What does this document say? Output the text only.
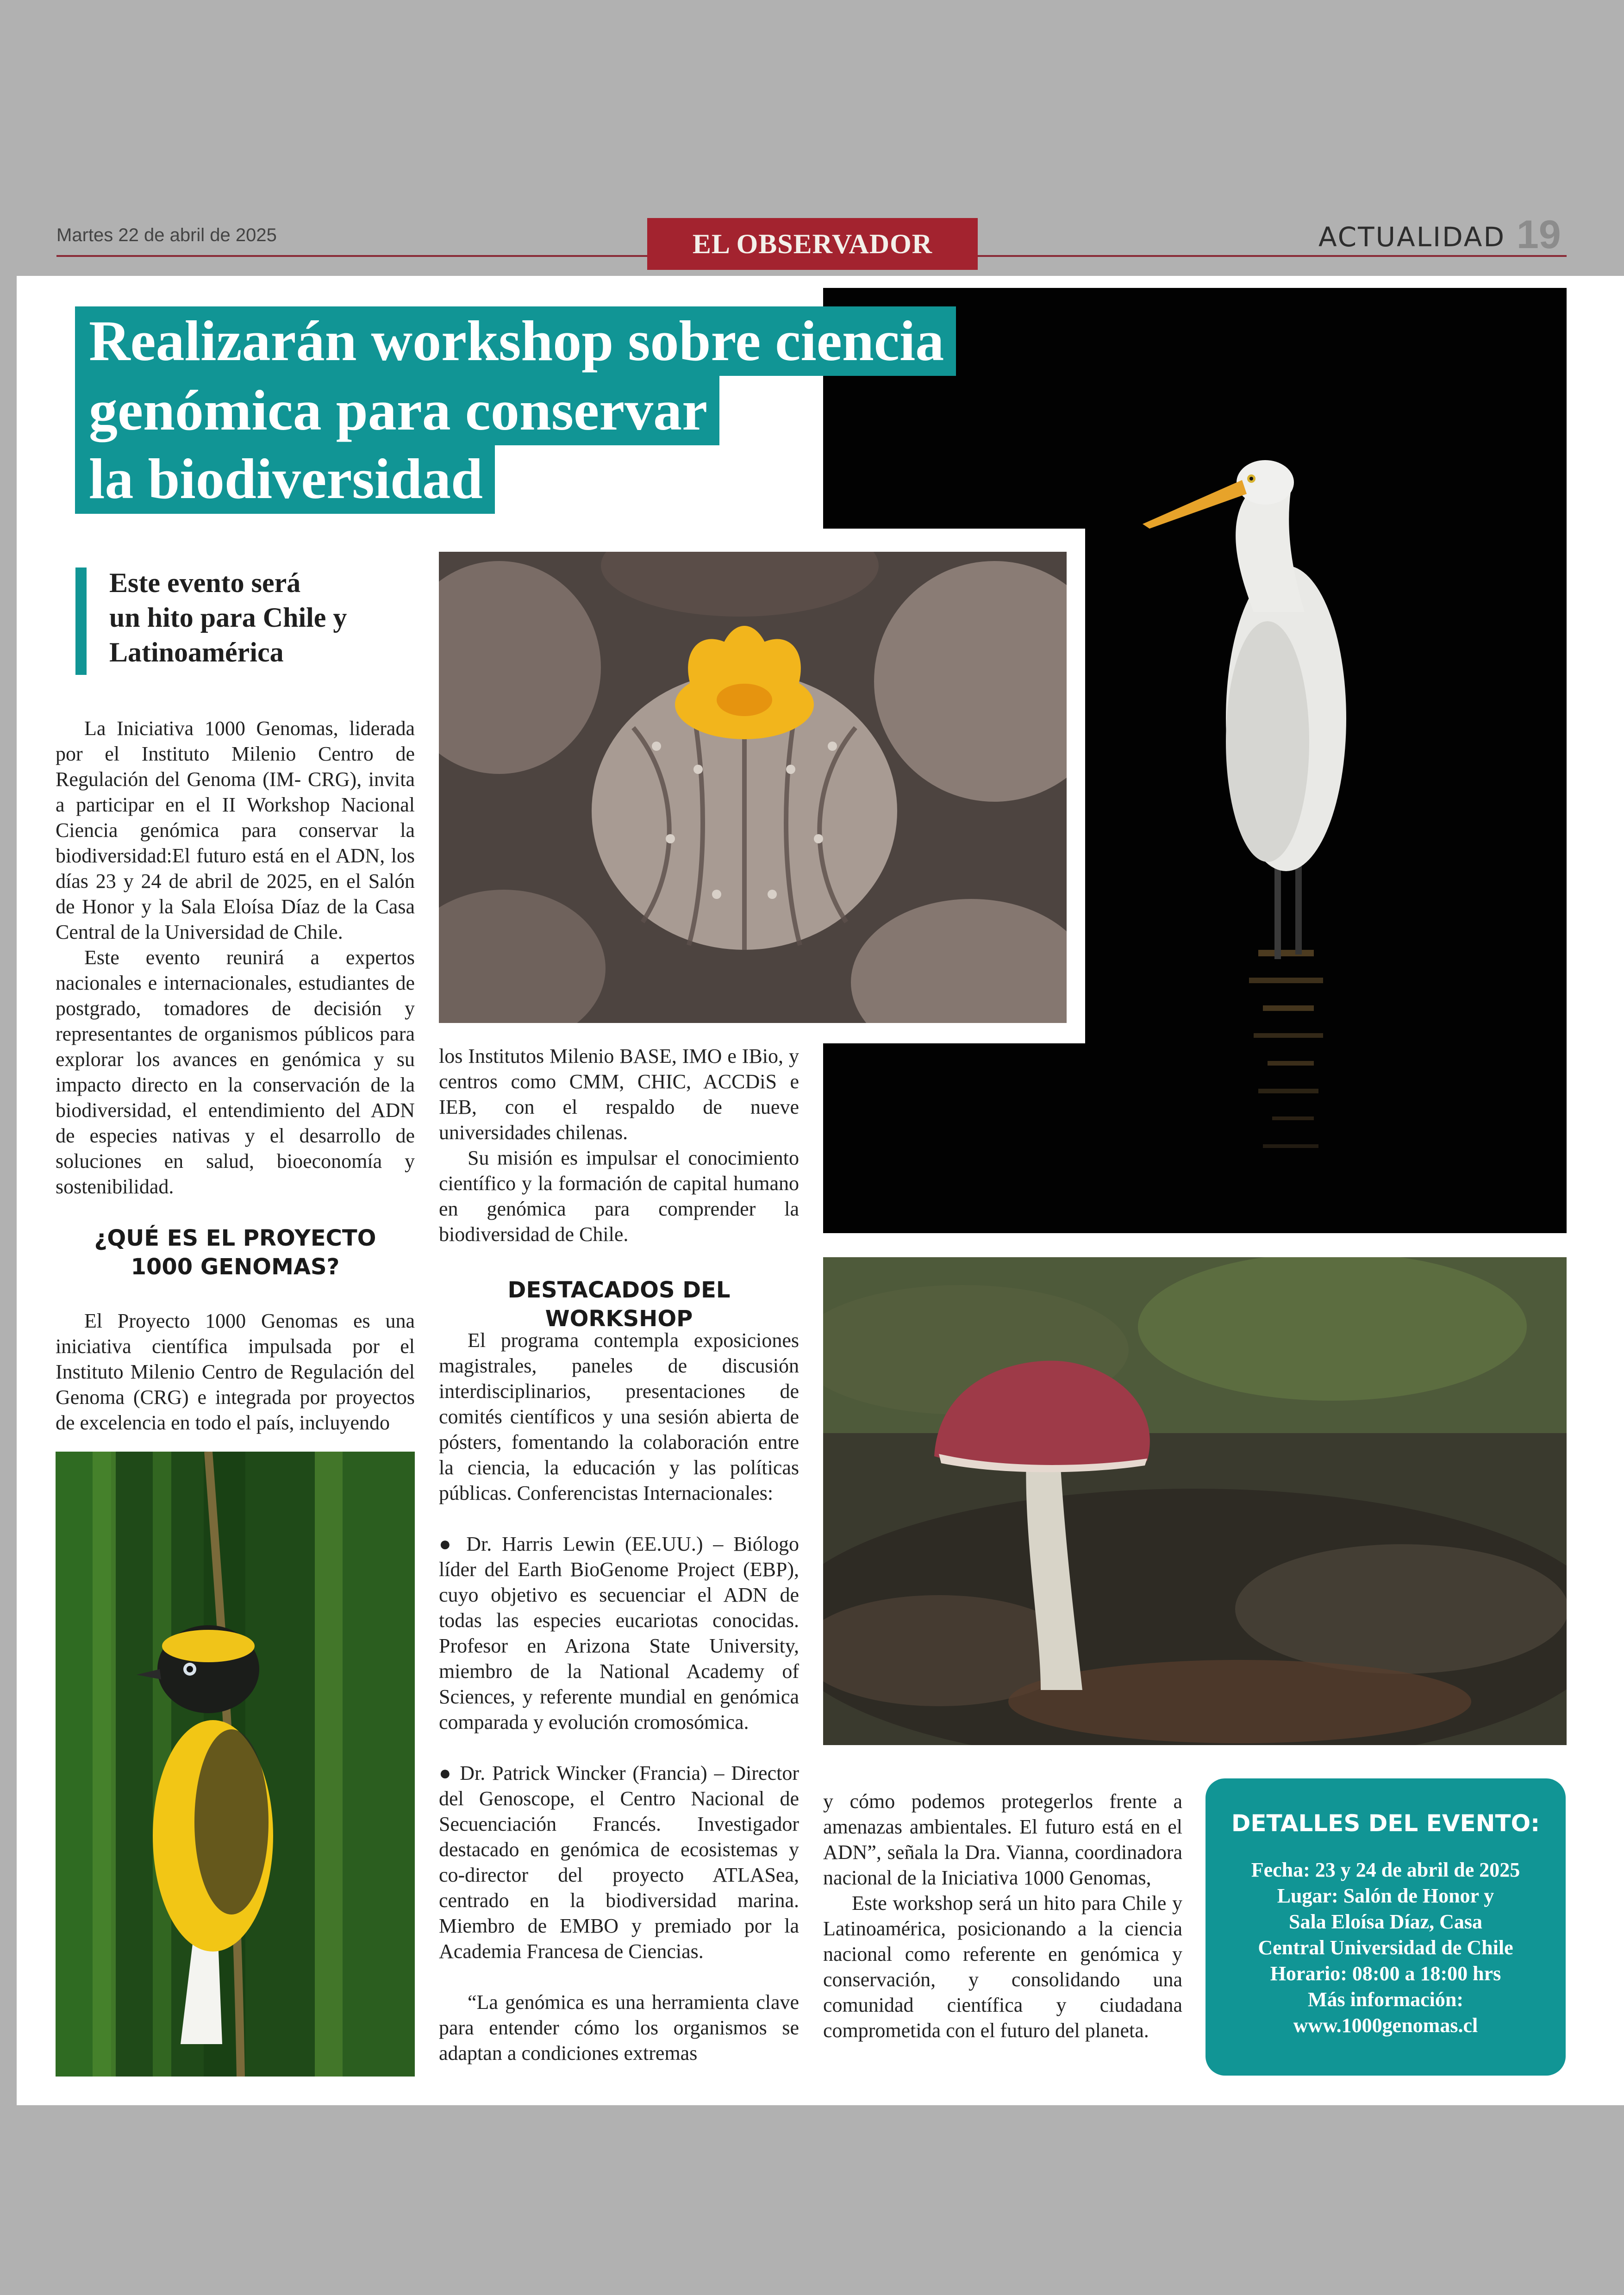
Martes 22 de abril de 2025	EL OBSERVADOR	ACTUALIDAD 19
Realizarán workshop sobre ciencia
genómica para conservar
la biodiversidad
Este evento será
un hito para Chile y
Latinoamérica

La Iniciativa 1000 Genomas, liderada por el Instituto Milenio Centro de Regulación del Genoma (IM- CRG), invita a participar en el II Workshop Nacional Ciencia genómica para conservar la biodiversidad:El futuro está en el ADN, los días 23 y 24 de abril de 2025, en el Salón de Honor y la Sala Eloísa Díaz de la Casa Central de la Universidad de Chile.

Este evento reunirá a expertos nacionales e internacionales, estudiantes de postgrado, tomadores de decisión y representantes de organismos públicos para explorar los avances en genómica y su impacto directo en la conservación de la biodiversidad, el entendimiento del ADN de especies nativas y el desarrollo de soluciones en salud, bioeconomía y sostenibilidad.

¿QUÉ ES EL PROYECTO
1000 GENOMAS?

El Proyecto 1000 Genomas es una iniciativa científica impulsada por el Instituto Milenio Centro de Regulación del Genoma (CRG) e integrada por proyectos de excelencia en todo el país, incluyendo

los Institutos Milenio BASE, IMO e IBio, y centros como CMM, CHIC, ACCDiS e IEB, con el respaldo de nueve universidades chilenas.

Su misión es impulsar el conocimiento científico y la formación de capital humano en genómica para comprender la biodiversidad de Chile.

DESTACADOS DEL WORKSHOP

El programa contempla exposiciones magistrales, paneles de discusión interdisciplinarios, presentaciones de comités científicos y una sesión abierta de pósters, fomentando la colaboración entre la ciencia, la educación y las políticas públicas. Conferencistas Internacionales:

● Dr. Harris Lewin (EE.UU.) – Biólogo líder del Earth BioGenome Project (EBP), cuyo objetivo es secuenciar el ADN de todas las especies eucariotas conocidas. Profesor en Arizona State University, miembro de la National Academy of Sciences, y referente mundial en genómica comparada y evolución cromosómica.

● Dr. Patrick Wincker (Francia) – Director del Genoscope, el Centro Nacional de Secuenciación Francés. Investigador destacado en genómica de ecosistemas y co-director del proyecto ATLASea, centrado en la biodiversidad marina. Miembro de EMBO y premiado por la Academia Francesa de Ciencias.

“La genómica es una herramienta clave para entender cómo los organismos se adaptan a condiciones extremas

y cómo podemos protegerlos frente a amenazas ambientales. El futuro está en el ADN”, señala la Dra. Vianna, coordinadora nacional de la Iniciativa 1000 Genomas,

Este workshop será un hito para Chile y Latinoamérica, posicionando a la ciencia nacional como referente en genómica y conservación, y consolidando una comunidad científica y ciudadana comprometida con el futuro del planeta.

DETALLES DEL EVENTO:
Fecha: 23 y 24 de abril de 2025
Lugar: Salón de Honor y
Sala Eloísa Díaz, Casa
Central Universidad de Chile
Horario: 08:00 a 18:00 hrs
Más información:
www.1000genomas.cl
